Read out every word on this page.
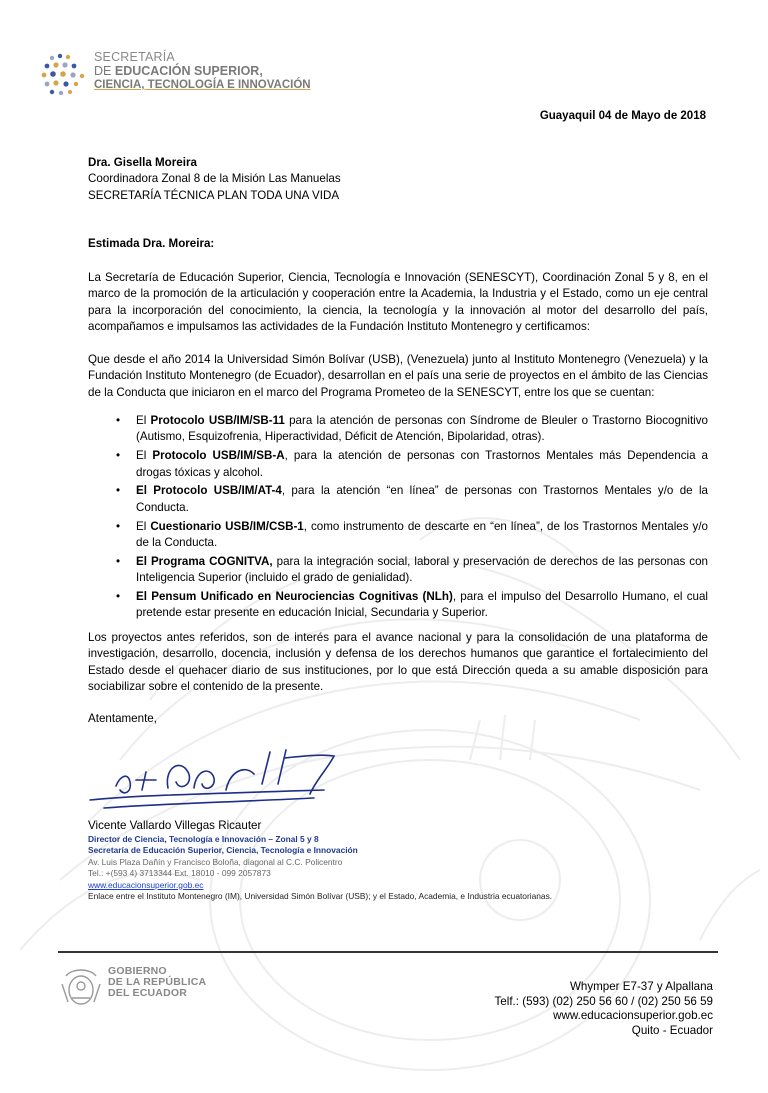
SECRETARÍA
DE EDUCACIÓN SUPERIOR,
CIENCIA, TECNOLOGÍA E INNOVACIÓN
Guayaquil 04 de Mayo de 2018
Dra. Gisella Moreira
Coordinadora Zonal 8 de la Misión Las Manuelas
SECRETARÍA TÉCNICA PLAN TODA UNA VIDA
Estimada Dra. Moreira:
La Secretaría de Educación Superior, Ciencia, Tecnología e Innovación (SENESCYT), Coordinación Zonal 5 y 8, en el marco de la promoción de la articulación y cooperación entre la Academia, la Industria y el Estado, como un eje central para la incorporación del conocimiento, la ciencia, la tecnología y la innovación al motor del desarrollo del país, acompañamos e impulsamos las actividades de la Fundación Instituto Montenegro y certificamos:
Que desde el año 2014 la Universidad Simón Bolívar (USB), (Venezuela) junto al Instituto Montenegro (Venezuela) y la Fundación Instituto Montenegro (de Ecuador), desarrollan en el país una serie de proyectos en el ámbito de las Ciencias de la Conducta que iniciaron en el marco del Programa Prometeo de la SENESCYT, entre los que se cuentan:
• El Protocolo USB/IM/SB-11 para la atención de personas con Síndrome de Bleuler o Trastorno Biocognitivo (Autismo, Esquizofrenia, Hiperactividad, Déficit de Atención, Bipolaridad, otras).
• El Protocolo USB/IM/SB-A, para la atención de personas con Trastornos Mentales más Dependencia a drogas tóxicas y alcohol.
• El Protocolo USB/IM/AT-4, para la atención “en línea” de personas con Trastornos Mentales y/o de la Conducta.
• El Cuestionario USB/IM/CSB-1, como instrumento de descarte en “en línea”, de los Trastornos Mentales y/o de la Conducta.
• El Programa COGNITVA, para la integración social, laboral y preservación de derechos de las personas con Inteligencia Superior (incluido el grado de genialidad).
• El Pensum Unificado en Neurociencias Cognitivas (NLh), para el impulso del Desarrollo Humano, el cual pretende estar presente en educación Inicial, Secundaria y Superior.
Los proyectos antes referidos, son de interés para el avance nacional y para la consolidación de una plataforma de investigación, desarrollo, docencia, inclusión y defensa de los derechos humanos que garantice el fortalecimiento del Estado desde el quehacer diario de sus instituciones, por lo que está Dirección queda a su amable disposición para sociabilizar sobre el contenido de la presente.
Atentamente,
Vicente Vallardo Villegas Ricauter
Director de Ciencia, Tecnología e Innovación – Zonal 5 y 8
Secretaría de Educación Superior, Ciencia, Tecnología e Innovación
Av. Luis Plaza Dañín y Francisco Boloña, diagonal al C.C. Policentro
Tel.: +(593 4) 3713344 Ext. 18010 - 099 2057873
www.educacionsuperior.gob.ec
Enlace entre el Instituto Montenegro (IM), Universidad Simón Bolívar (USB); y el Estado, Academia, e Industria ecuatorianas.
GOBIERNO
DE LA REPÚBLICA
DEL ECUADOR	Whymper E7-37 y Alpallana
Telf.: (593) (02) 250 56 60 / (02) 250 56 59
www.educacionsuperior.gob.ec
Quito - Ecuador
